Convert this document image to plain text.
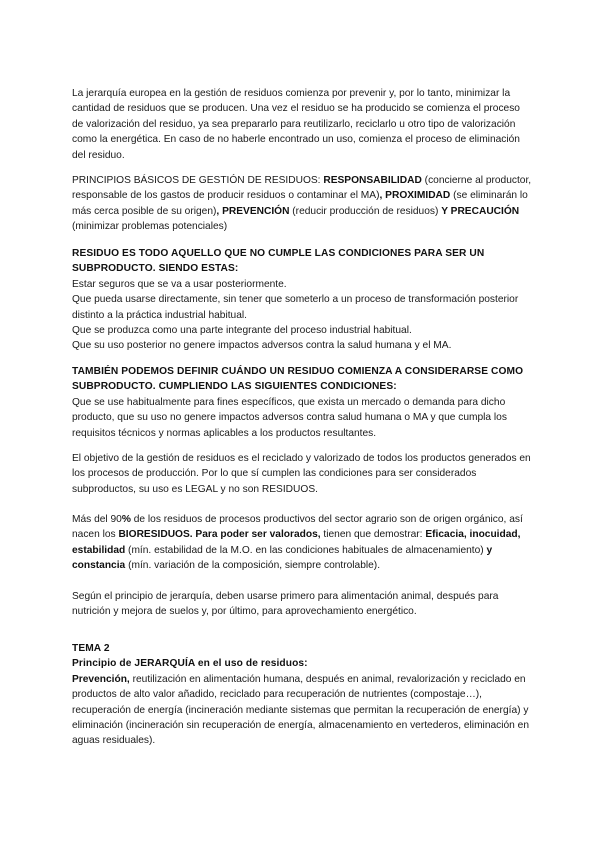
La jerarquía europea en la gestión de residuos comienza por prevenir y, por lo tanto, minimizar la cantidad de residuos que se producen. Una vez el residuo se ha producido se comienza el proceso de valorización del residuo, ya sea prepararlo para reutilizarlo, reciclarlo u otro tipo de valorización como la energética. En caso de no haberle encontrado un uso, comienza el proceso de eliminación del residuo.

PRINCIPIOS BÁSICOS DE GESTIÓN DE RESIDUOS: RESPONSABILIDAD (concierne al productor, responsable de los gastos de producir residuos o contaminar el MA), PROXIMIDAD (se eliminarán lo más cerca posible de su origen), PREVENCIÓN (reducir producción de residuos) Y PRECAUCIÓN (minimizar problemas potenciales)

RESIDUO ES TODO AQUELLO QUE NO CUMPLE LAS CONDICIONES PARA SER UN SUBPRODUCTO. SIENDO ESTAS:

Estar seguros que se va a usar posteriormente.

Que pueda usarse directamente, sin tener que someterlo a un proceso de transformación posterior distinto a la práctica industrial habitual.

Que se produzca como una parte integrante del proceso industrial habitual.

Que su uso posterior no genere impactos adversos contra la salud humana y el MA.

TAMBIÉN PODEMOS DEFINIR CUÁNDO UN RESIDUO COMIENZA A CONSIDERARSE COMO SUBPRODUCTO. CUMPLIENDO LAS SIGUIENTES CONDICIONES:

Que se use habitualmente para fines específicos, que exista un mercado o demanda para dicho producto, que su uso no genere impactos adversos contra salud humana o MA y que cumpla los requisitos técnicos y normas aplicables a los productos resultantes.

El objetivo de la gestión de residuos es el reciclado y valorizado de todos los productos generados en los procesos de producción. Por lo que sí cumplen las condiciones para ser considerados subproductos, su uso es LEGAL y no son RESIDUOS.

Más del 90% de los residuos de procesos productivos del sector agrario son de origen orgánico, así nacen los BIORESIDUOS. Para poder ser valorados, tienen que demostrar: Eficacia, inocuidad, estabilidad (mín. estabilidad de la M.O. en las condiciones habituales de almacenamiento) y constancia (mín. variación de la composición, siempre controlable).

Según el principio de jerarquía, deben usarse primero para alimentación animal, después para nutrición y mejora de suelos y, por último, para aprovechamiento energético.

TEMA 2

Principio de JERARQUÍA en el uso de residuos:

Prevención, reutilización en alimentación humana, después en animal, revalorización y reciclado en productos de alto valor añadido, reciclado para recuperación de nutrientes (compostaje…), recuperación de energía (incineración mediante sistemas que permitan la recuperación de energía) y eliminación (incineración sin recuperación de energía, almacenamiento en vertederos, eliminación en aguas residuales).
